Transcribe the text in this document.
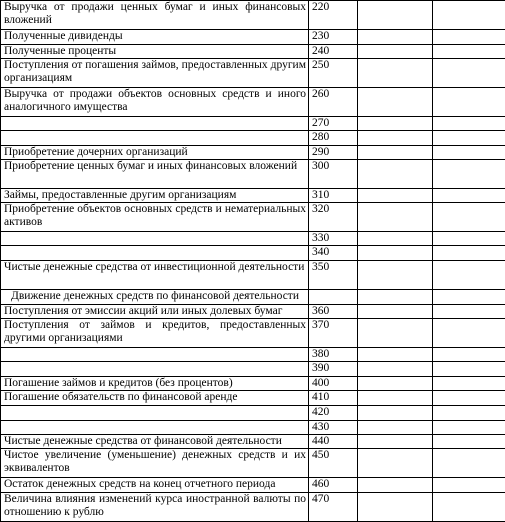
Выручка от продажи ценных бумаг и иных финансовых вложений	220		
Полученные дивиденды	230		
Полученные проценты	240		
Поступления от погашения займов, предоставленных другим организациям	250		
Выручка от продажи объектов основных средств и иного аналогичного имущества	260		
	270		
	280		
Приобретение дочерних организаций	290		
Приобретение ценных бумаг и иных финансовых вложений	300		
Займы, предоставленные другим организациям	310		
Приобретение объектов основных средств и нематериальных активов	320		
	330		
	340		
Чистые денежные средства от инвестиционной деятельности	350		
Движение денежных средств по финансовой деятельности			
Поступления от эмиссии акций или иных долевых бумаг	360		
Поступления от займов и кредитов, предоставленных другими организациями	370		
	380		
	390		
Погашение займов и кредитов (без процентов)	400		
Погашение обязательств по финансовой аренде	410		
	420		
	430		
Чистые денежные средства от финансовой деятельности	440		
Чистое увеличение (уменьшение) денежных средств и их эквивалентов	450		
Остаток денежных средств на конец отчетного периода	460		
Величина влияния изменений курса иностранной валюты по отношению к рублю	470		
